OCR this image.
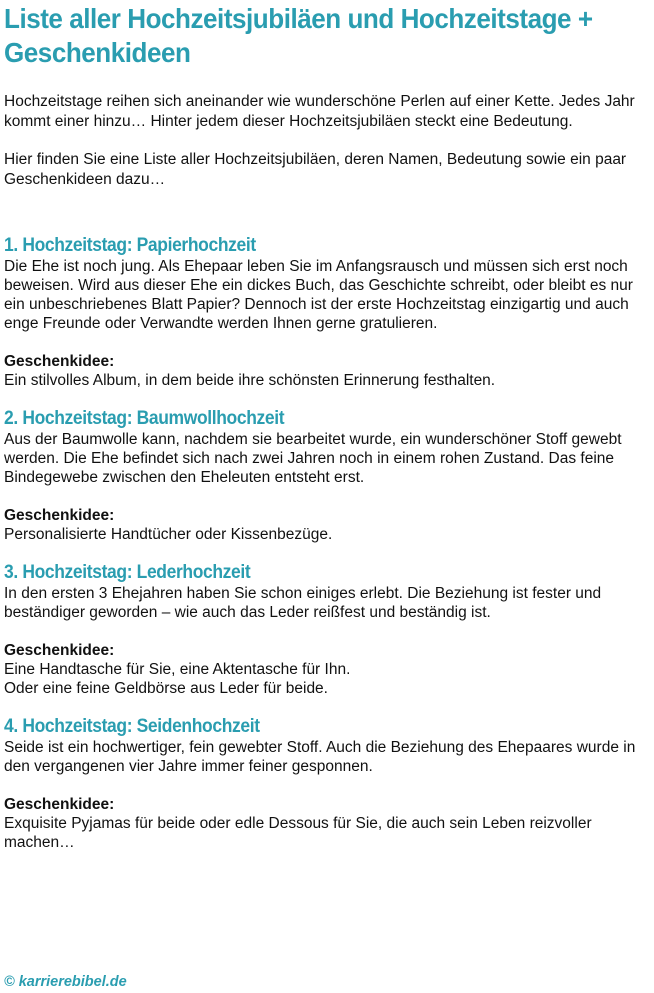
Liste aller Hochzeitsjubiläen und Hochzeitstage + Geschenkideen

Hochzeitstage reihen sich aneinander wie wunderschöne Perlen auf einer Kette. Jedes Jahr kommt einer hinzu… Hinter jedem dieser Hochzeitsjubiläen steckt eine Bedeutung.

Hier finden Sie eine Liste aller Hochzeitsjubiläen, deren Namen, Bedeutung sowie ein paar Geschenkideen dazu…

1. Hochzeitstag: Papierhochzeit

Die Ehe ist noch jung. Als Ehepaar leben Sie im Anfangsrausch und müssen sich erst noch beweisen. Wird aus dieser Ehe ein dickes Buch, das Geschichte schreibt, oder bleibt es nur ein unbeschriebenes Blatt Papier? Dennoch ist der erste Hochzeitstag einzigartig und auch enge Freunde oder Verwandte werden Ihnen gerne gratulieren.

Geschenkidee:

Ein stilvolles Album, in dem beide ihre schönsten Erinnerung festhalten.

2. Hochzeitstag: Baumwollhochzeit

Aus der Baumwolle kann, nachdem sie bearbeitet wurde, ein wunderschöner Stoff gewebt werden. Die Ehe befindet sich nach zwei Jahren noch in einem rohen Zustand. Das feine Bindegewebe zwischen den Eheleuten entsteht erst.

Geschenkidee:

Personalisierte Handtücher oder Kissenbezüge.

3. Hochzeitstag: Lederhochzeit

In den ersten 3 Ehejahren haben Sie schon einiges erlebt. Die Beziehung ist fester und beständiger geworden – wie auch das Leder reißfest und beständig ist.

Geschenkidee:

Eine Handtasche für Sie, eine Aktentasche für Ihn.

Oder eine feine Geldbörse aus Leder für beide.

4. Hochzeitstag: Seidenhochzeit

Seide ist ein hochwertiger, fein gewebter Stoff. Auch die Beziehung des Ehepaares wurde in den vergangenen vier Jahre immer feiner gesponnen.

Geschenkidee:

Exquisite Pyjamas für beide oder edle Dessous für Sie, die auch sein Leben reizvoller machen…

© karrierebibel.de
